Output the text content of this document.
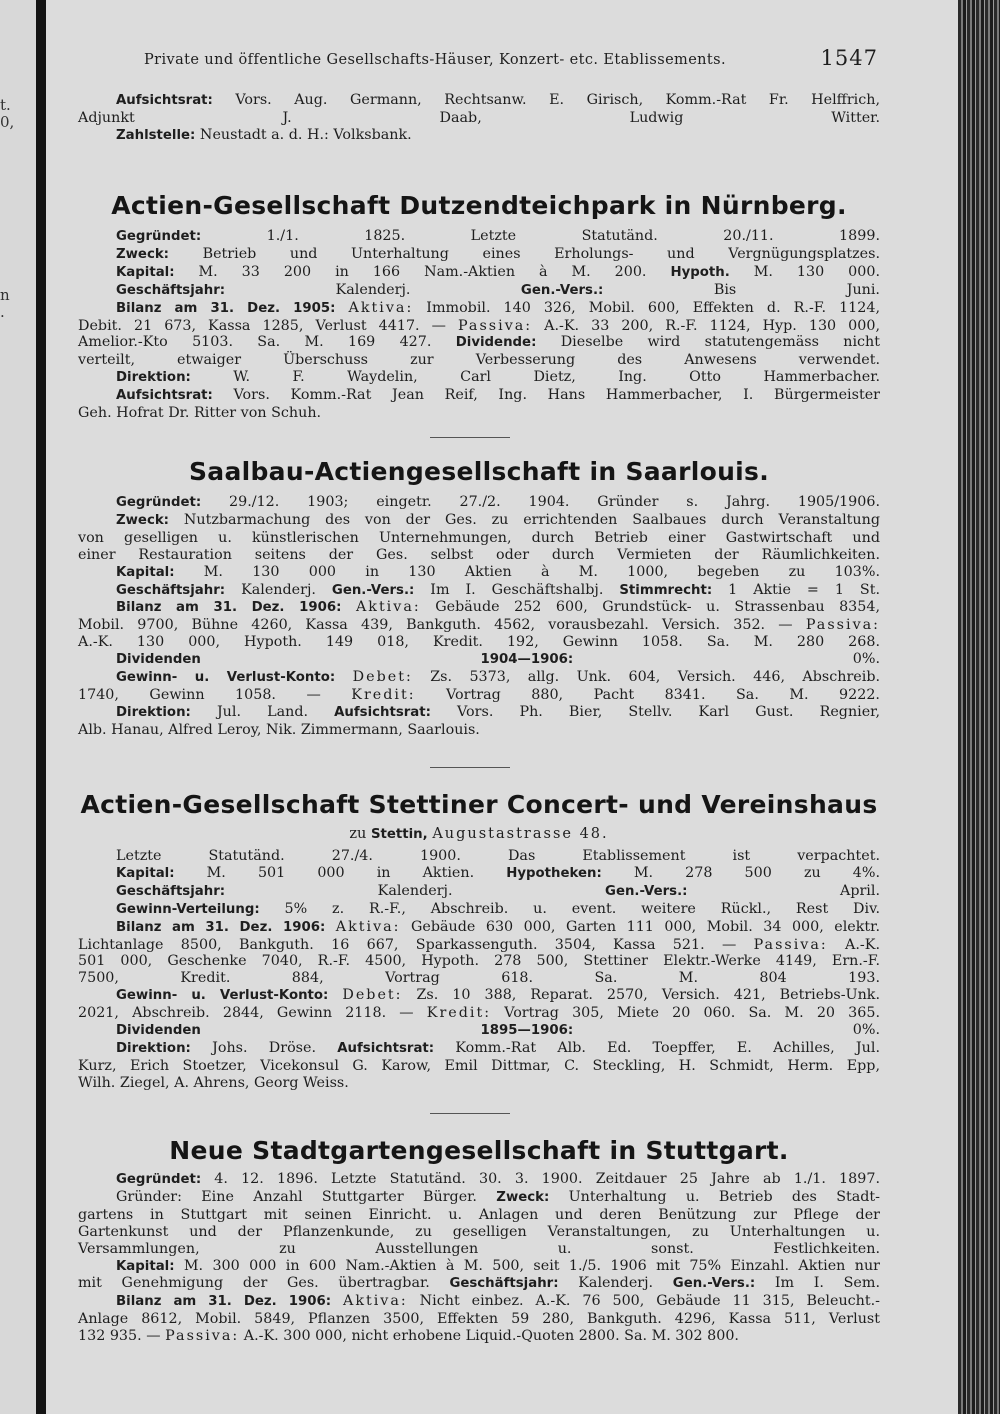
t.
0,
n
.
Private und öffentliche Gesellschafts-Häuser, Konzert- etc. Etablissements.	1547
Aufsichtsrat: Vors. Aug. Germann, Rechtsanw. E. Girisch, Komm.-Rat Fr. Helffrich,
Adjunkt J. Daab, Ludwig Witter.
Zahlstelle: Neustadt a. d. H.: Volksbank.
Actien-Gesellschaft Dutzendteichpark in Nürnberg.
Gegründet: 1./1. 1825. Letzte Statutänd. 20./11. 1899.
Zweck: Betrieb und Unterhaltung eines Erholungs- und Vergnügungsplatzes.
Kapital: M. 33 200 in 166 Nam.-Aktien à M. 200. Hypoth. M. 130 000.
Geschäftsjahr: Kalenderj. Gen.-Vers.: Bis Juni.
Bilanz am 31. Dez. 1905: Aktiva: Immobil. 140 326, Mobil. 600, Effekten d. R.-F. 1124,
Debit. 21 673, Kassa 1285, Verlust 4417. — Passiva: A.-K. 33 200, R.-F. 1124, Hyp. 130 000,
Amelior.-Kto 5103. Sa. M. 169 427. Dividende: Dieselbe wird statutengemäss nicht
verteilt, etwaiger Überschuss zur Verbesserung des Anwesens verwendet.
Direktion: W. F. Waydelin, Carl Dietz, Ing. Otto Hammerbacher.
Aufsichtsrat: Vors. Komm.-Rat Jean Reif, Ing. Hans Hammerbacher, I. Bürgermeister
Geh. Hofrat Dr. Ritter von Schuh.
Saalbau-Actiengesellschaft in Saarlouis.
Gegründet: 29./12. 1903; eingetr. 27./2. 1904. Gründer s. Jahrg. 1905/1906.
Zweck: Nutzbarmachung des von der Ges. zu errichtenden Saalbaues durch Veranstaltung
von geselligen u. künstlerischen Unternehmungen, durch Betrieb einer Gastwirtschaft und
einer Restauration seitens der Ges. selbst oder durch Vermieten der Räumlichkeiten.
Kapital: M. 130 000 in 130 Aktien à M. 1000, begeben zu 103%.
Geschäftsjahr: Kalenderj. Gen.-Vers.: Im I. Geschäftshalbj. Stimmrecht: 1 Aktie = 1 St.
Bilanz am 31. Dez. 1906: Aktiva: Gebäude 252 600, Grundstück- u. Strassenbau 8354,
Mobil. 9700, Bühne 4260, Kassa 439, Bankguth. 4562, vorausbezahl. Versich. 352. — Passiva:
A.-K. 130 000, Hypoth. 149 018, Kredit. 192, Gewinn 1058. Sa. M. 280 268.
Dividenden 1904—1906: 0%.
Gewinn- u. Verlust-Konto: Debet: Zs. 5373, allg. Unk. 604, Versich. 446, Abschreib.
1740, Gewinn 1058. — Kredit: Vortrag 880, Pacht 8341. Sa. M. 9222.
Direktion: Jul. Land. Aufsichtsrat: Vors. Ph. Bier, Stellv. Karl Gust. Regnier,
Alb. Hanau, Alfred Leroy, Nik. Zimmermann, Saarlouis.
Actien-Gesellschaft Stettiner Concert- und Vereinshaus
zu Stettin, Augustastrasse 48.
Letzte Statutänd. 27./4. 1900. Das Etablissement ist verpachtet.
Kapital: M. 501 000 in Aktien. Hypotheken: M. 278 500 zu 4%.
Geschäftsjahr: Kalenderj. Gen.-Vers.: April.
Gewinn-Verteilung: 5% z. R.-F., Abschreib. u. event. weitere Rückl., Rest Div.
Bilanz am 31. Dez. 1906: Aktiva: Gebäude 630 000, Garten 111 000, Mobil. 34 000, elektr.
Lichtanlage 8500, Bankguth. 16 667, Sparkassenguth. 3504, Kassa 521. — Passiva: A.-K.
501 000, Geschenke 7040, R.-F. 4500, Hypoth. 278 500, Stettiner Elektr.-Werke 4149, Ern.-F.
7500, Kredit. 884, Vortrag 618. Sa. M. 804 193.
Gewinn- u. Verlust-Konto: Debet: Zs. 10 388, Reparat. 2570, Versich. 421, Betriebs-Unk.
2021, Abschreib. 2844, Gewinn 2118. — Kredit: Vortrag 305, Miete 20 060. Sa. M. 20 365.
Dividenden 1895—1906: 0%.
Direktion: Johs. Dröse. Aufsichtsrat: Komm.-Rat Alb. Ed. Toepffer, E. Achilles, Jul.
Kurz, Erich Stoetzer, Vicekonsul G. Karow, Emil Dittmar, C. Steckling, H. Schmidt, Herm. Epp,
Wilh. Ziegel, A. Ahrens, Georg Weiss.
Neue Stadtgartengesellschaft in Stuttgart.
Gegründet: 4. 12. 1896. Letzte Statutänd. 30. 3. 1900. Zeitdauer 25 Jahre ab 1./1. 1897.
Gründer: Eine Anzahl Stuttgarter Bürger. Zweck: Unterhaltung u. Betrieb des Stadt-
gartens in Stuttgart mit seinen Einricht. u. Anlagen und deren Benützung zur Pflege der
Gartenkunst und der Pflanzenkunde, zu geselligen Veranstaltungen, zu Unterhaltungen u.
Versammlungen, zu Ausstellungen u. sonst. Festlichkeiten.
Kapital: M. 300 000 in 600 Nam.-Aktien à M. 500, seit 1./5. 1906 mit 75% Einzahl. Aktien nur
mit Genehmigung der Ges. übertragbar. Geschäftsjahr: Kalenderj. Gen.-Vers.: Im I. Sem.
Bilanz am 31. Dez. 1906: Aktiva: Nicht einbez. A.-K. 76 500, Gebäude 11 315, Beleucht.-
Anlage 8612, Mobil. 5849, Pflanzen 3500, Effekten 59 280, Bankguth. 4296, Kassa 511, Verlust
132 935. — Passiva: A.-K. 300 000, nicht erhobene Liquid.-Quoten 2800. Sa. M. 302 800.
